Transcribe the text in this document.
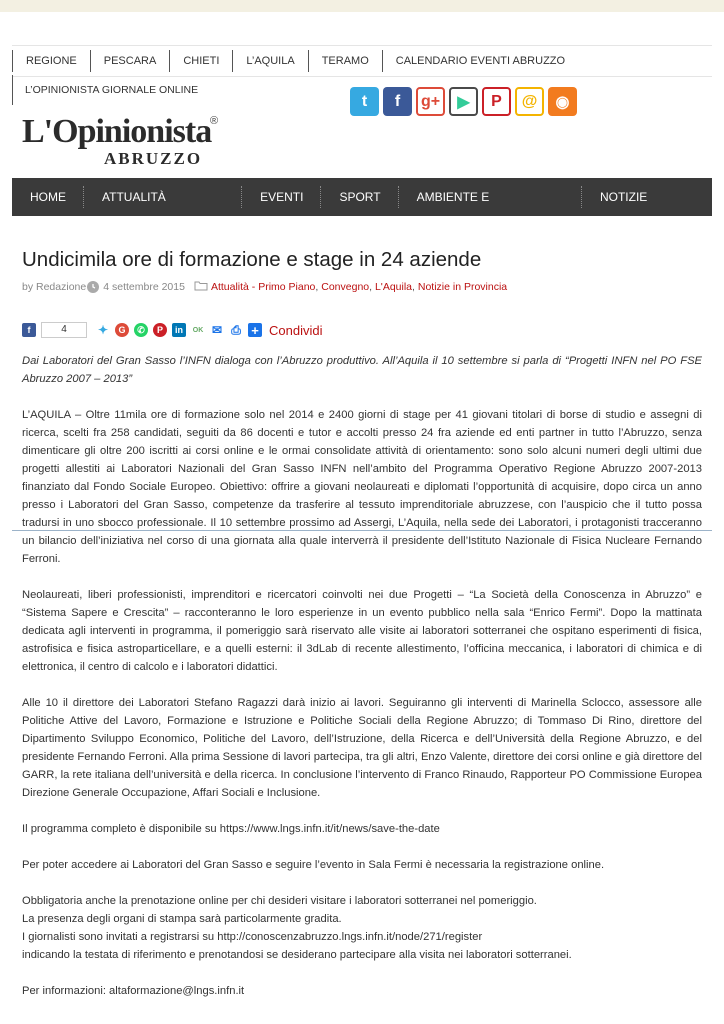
REGIONE	PESCARA	CHIETI	L’AQUILA	TERAMO	CALENDARIO EVENTI ABRUZZO
L’OPINIONISTA GIORNALE ONLINE
L'Opinionista
®
ABRUZZO
t	f	g+	▶	P	@	◉
HOME	ATTUALITÀ ABRUZZO
EVENTI	SPORT	AMBIENTE E BENESSERE
NOTIZIE CALCIO
Undicimila ore di formazione e stage in 24 aziende
by Redazione 4 settembre 2015 Attualità - Primo Piano , Convegno , L'Aquila , Notizie in Provincia
f	4	✦	G	✆	P	in	OK ✉ ⎙ + Condividi

Dai Laboratori del Gran Sasso l’INFN dialoga con l’Abruzzo produttivo. All’Aquila il 10 settembre si parla di “Progetti INFN nel PO FSE Abruzzo 2007 – 2013”

L’AQUILA – Oltre 11mila ore di formazione solo nel 2014 e 2400 giorni di stage per 41 giovani titolari di borse di studio e assegni di ricerca, scelti fra 258 candidati, seguiti da 86 docenti e tutor e accolti presso 24 fra aziende ed enti partner in tutto l’Abruzzo, senza dimenticare gli oltre 200 iscritti ai corsi online e le ormai consolidate attività di orientamento: sono solo alcuni numeri degli ultimi due progetti allestiti ai Laboratori Nazionali del Gran Sasso INFN nell’ambito del Programma Operativo Regione Abruzzo 2007-2013 finanziato dal Fondo Sociale Europeo. Obiettivo: offrire a giovani neolaureati e diplomati l’opportunità di acquisire, dopo circa un anno presso i Laboratori del Gran Sasso, competenze da trasferire al tessuto imprenditoriale abruzzese, con l’auspicio che il tutto possa tradursi in uno sbocco professionale. Il 10 settembre prossimo ad Assergi, L’Aquila, nella sede dei Laboratori, i protagonisti tracceranno un bilancio dell’iniziativa nel corso di una giornata alla quale interverrà il presidente dell’Istituto Nazionale di Fisica Nucleare Fernando Ferroni.

Neolaureati, liberi professionisti, imprenditori e ricercatori coinvolti nei due Progetti – “La Società della Conoscenza in Abruzzo” e “Sistema Sapere e Crescita” – racconteranno le loro esperienze in un evento pubblico nella sala “Enrico Fermi”. Dopo la mattinata dedicata agli interventi in programma, il pomeriggio sarà riservato alle visite ai laboratori sotterranei che ospitano esperimenti di fisica, astrofisica e fisica astroparticellare, e a quelli esterni: il 3dLab di recente allestimento, l’officina meccanica, i laboratori di chimica e di elettronica, il centro di calcolo e i laboratori didattici.

Alle 10 il direttore dei Laboratori Stefano Ragazzi darà inizio ai lavori. Seguiranno gli interventi di Marinella Sclocco, assessore alle Politiche Attive del Lavoro, Formazione e Istruzione e Politiche Sociali della Regione Abruzzo; di Tommaso Di Rino, direttore del Dipartimento Sviluppo Economico, Politiche del Lavoro, dell’Istruzione, della Ricerca e dell’Università della Regione Abruzzo, e del presidente Fernando Ferroni. Alla prima Sessione di lavori partecipa, tra gli altri, Enzo Valente, direttore dei corsi online e già direttore del GARR, la rete italiana dell’università e della ricerca. In conclusione l’intervento di Franco Rinaudo, Rapporteur PO Commissione Europea Direzione Generale Occupazione, Affari Sociali e Inclusione.

Il programma completo è disponibile su https://www.lngs.infn.it/it/news/save-the-date

Per poter accedere ai Laboratori del Gran Sasso e seguire l’evento in Sala Fermi è necessaria la registrazione online.

Obbligatoria anche la prenotazione online per chi desideri visitare i laboratori sotterranei nel pomeriggio.

La presenza degli organi di stampa sarà particolarmente gradita.

I giornalisti sono invitati a registrarsi su http://conoscenzabruzzo.lngs.infn.it/node/271/register

indicando la testata di riferimento e prenotandosi se desiderano partecipare alla visita nei laboratori sotterranei.

Per informazioni: altaformazione@lngs.infn.it
